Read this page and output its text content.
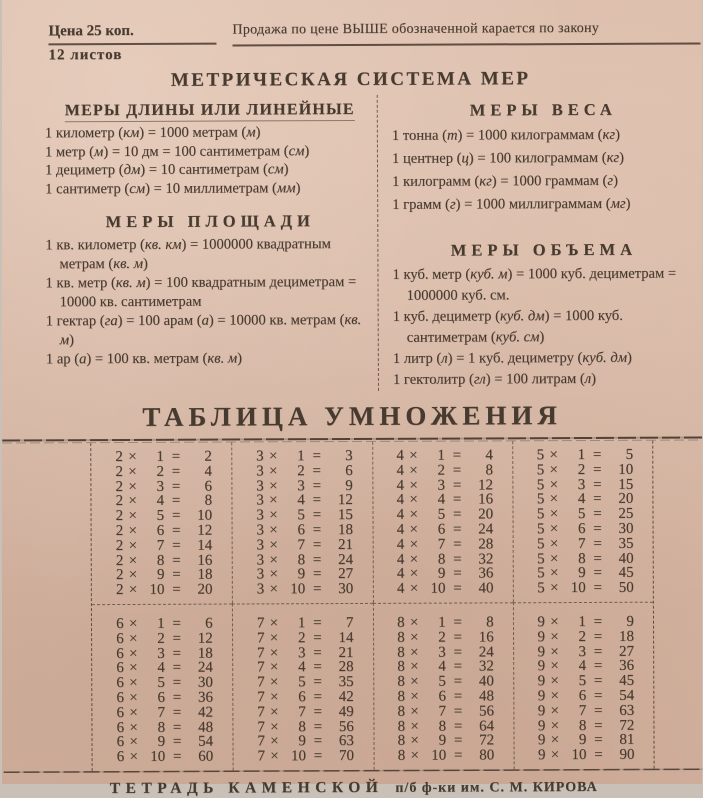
Цена 25 коп.
12 листов
Продажа по цене ВЫШЕ обозначенной карается по закону
МЕТРИЧЕСКАЯ СИСТЕМА МЕР
МЕРЫ ДЛИНЫ ИЛИ ЛИНЕЙНЫЕ
1 километр (км) = 1000 метрам (м)
1 метр (м) = 10 дм = 100 сантиметрам (см)
1 дециметр (дм) = 10 сантиметрам (см)
1 сантиметр (см) = 10 миллиметрам (мм)
МЕРЫ ПЛОЩАДИ
1 кв. километр (кв. км) = 1000000 квадратным метрам (кв. м)
1 кв. метр (кв. м) = 100 квадратным дециметрам = 10000 кв. сантиметрам
1 гектар (га) = 100 арам (а) = 10000 кв. метрам (кв. м)
1 ар (а) = 100 кв. метрам (кв. м)
МЕРЫ ВЕСА
1 тонна (т) = 1000 килограммам (кг)
1 центнер (ц) = 100 килограммам (кг)
1 килограмм (кг) = 1000 граммам (г)
1 грамм (г) = 1000 миллиграммам (мг)
МЕРЫ ОБЪЕМА
1 куб. метр (куб. м) = 1000 куб. дециметрам = 1000000 куб. см.
1 куб. дециметр (куб. дм) = 1000 куб. сантиметрам (куб. см)
1 литр (л) = 1 куб. дециметру (куб. дм)
1 гектолитр (гл) = 100 литрам (л)
ТАБЛИЦА УМНОЖЕНИЯ
2 ×	1 =	2
2 ×	2 =	4
2 ×	3 =	6
2 ×	4 =	8
2 ×	5 =	10
2 ×	6 =	12
2 ×	7 =	14
2 ×	8 =	16
2 ×	9 =	18
2 × 10 =	20
3 ×	1 =	3
3 ×	2 =	6
3 ×	3 =	9
3 ×	4 =	12
3 ×	5 =	15
3 ×	6 =	18
3 ×	7 =	21
3 ×	8 =	24
3 ×	9 =	27
3 × 10 =	30
4 ×	1 =	4
4 ×	2 =	8
4 ×	3 =	12
4 ×	4 =	16
4 ×	5 =	20
4 ×	6 =	24
4 ×	7 =	28
4 ×	8 =	32
4 ×	9 =	36
4 × 10 =	40
5 ×	1 =	5
5 ×	2 =	10
5 ×	3 =	15
5 ×	4 =	20
5 ×	5 =	25
5 ×	6 =	30
5 ×	7 =	35
5 ×	8 =	40
5 ×	9 =	45
5 × 10 =	50
6 ×	1 =	6
6 ×	2 =	12
6 ×	3 =	18
6 ×	4 =	24
6 ×	5 =	30
6 ×	6 =	36
6 ×	7 =	42
6 ×	8 =	48
6 ×	9 =	54
6 × 10 =	60
7 ×	1 =	7
7 ×	2 =	14
7 ×	3 =	21
7 ×	4 =	28
7 ×	5 =	35
7 ×	6 =	42
7 ×	7 =	49
7 ×	8 =	56
7 ×	9 =	63
7 × 10 =	70
8 ×	1 =	8
8 ×	2 =	16
8 ×	3 =	24
8 ×	4 =	32
8 ×	5 =	40
8 ×	6 =	48
8 ×	7 =	56
8 ×	8 =	64
8 ×	9 =	72
8 × 10 =	80
9 ×	1 =	9
9 ×	2 =	18
9 ×	3 =	27
9 ×	4 =	36
9 ×	5 =	45
9 ×	6 =	54
9 ×	7 =	63
9 ×	8 =	72
9 ×	9 =	81
9 × 10 =	90
ТЕТРАДЬ КАМЕНСКОЙ п/б ф-ки им. С. М. КИРОВА
